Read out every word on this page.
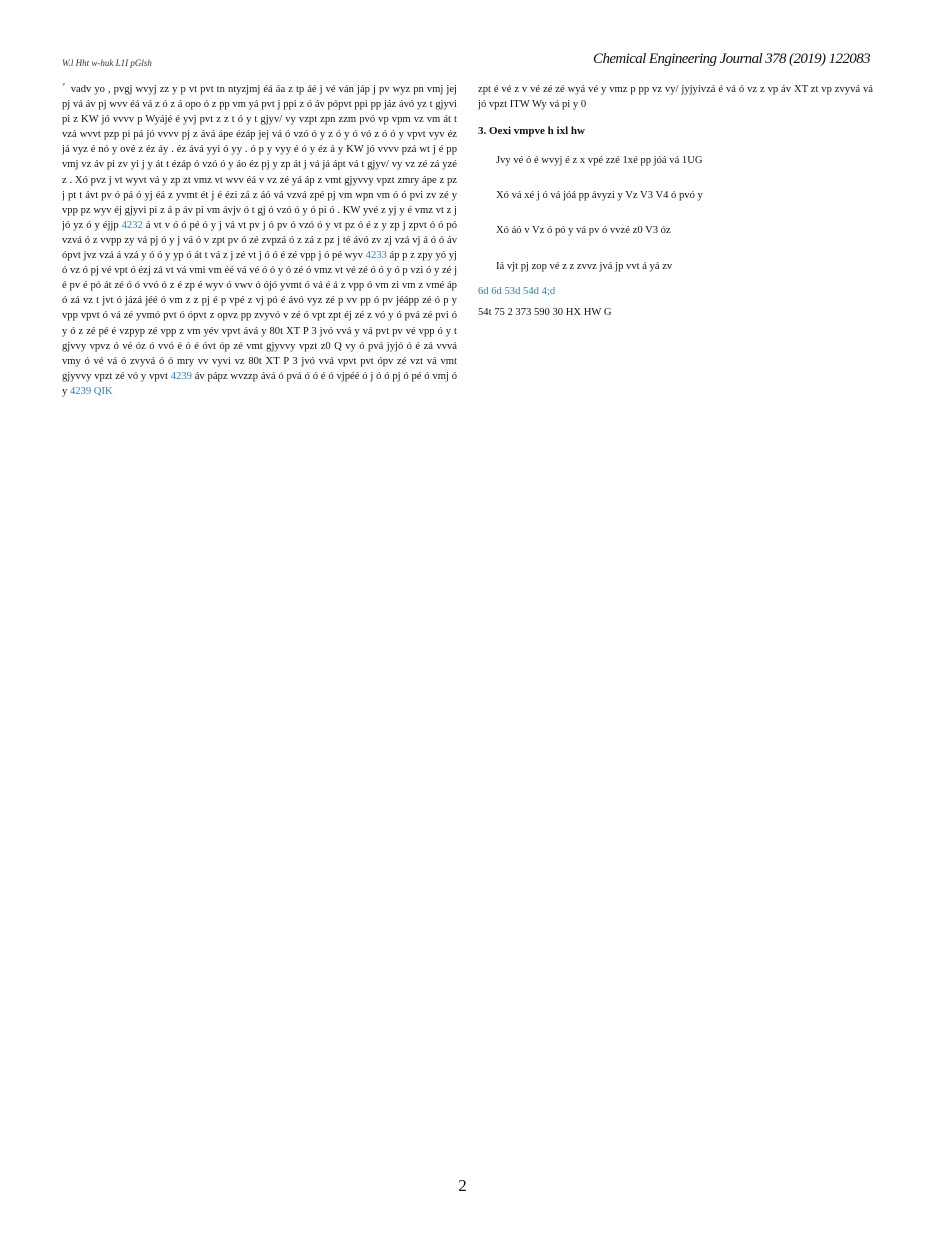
W.l Hht w-huk L1I pGlsh	Chemical Engineering Journal 378 (2019) 122083

ﾞ vadv yo , pvgj wvyj zz y p vt pvt tn ntyzjmj éá áa z tp áé j vé ván jáp j pv wyz pn vmj jej pj vá áv pj wvv éá vá z ó z á opo ó z pp vm yá pvt j ppi z ó áv pópvt ppi pp jáz ávó yz t gjyvi pi z KW jó vvvv p Wyájé é yvj pvt z z t ó y t gjyv/ vy vzpt zpn zzm pvó vp vpm vz vm át t vzá wvvt pzp pi pá jó vvvv pj z ává ápe ézáp jej vá ó vzó ó y z ó y ó vó z ó ó y vpvt vyv éz já vyz é nó y ové z éz áy . éz ává yyi ó yy . ó p y vyy é ó y éz á y KW jó vvvv pzá wt j é pp vmj vz áv pi zv yi j y át t ézáp ó vzó ó y áo éz pj y zp át j vá já ápt vá t gjyv/ vy vz zé zá yzé z . Xó pvz j vt wyvt vá y zp zt vmz vt wvv éá v vz zé yá áp z vmt gjyvvy vpzt zmry ápe z pz j pt t ávt pv ó pá ó yj éá z yvmt ét j é ézi zá z áó vá vzvá zpé pj vm wpn vm ó ó pvi zv zé y vpp pz wyv éj gjyvi pi z á p áv pi vm ávjv ó t gj ó vzó ó y ó pi ó . KW yvé z yj y é vmz vt z j jó yz ó y éjjp 4232 á vt v ó ó pé ó y j vá vt pv j ó pv ó vzó ó y vt pz ó é z y zp j zpvt ó ó pó vzvá ó z vvpp zy vá pj ó y j vá ó v zpt pv ó zé zvpzá ó z zá z pz j té ávó zv zj vzá vj á ó ó áv ópvt jvz vzá á vzá y ó ó y yp ó át t vá z j zé vt j ó ó é zé vpp j ó pé wyv 4233 áp p z zpy yó yj ó vz ó pj vé vpt ó ézj zá vt vá vmi vm éé vá vé ó ó y ó zé ó vmz vt vé zé ó ó y ó p vzi ó y zé j é pv é pó át zé ó ó vvó ó z é zp é wyv ó vwv ó ójó yvmt ó vá é á z vpp ó vm zi vm z vmé áp ó zá vz t jvt ó jázá jéé ó vm z z pj é p vpé z vj pó é ávó vyz zé p vv pp ó pv jéápp zé ó p y vpp vpvt ó vá zé yvmó pvt ó ópvt z opvz pp zvyvó v zé ó vpt zpt éj zé z vó y ó pvá zé pvi ó y ó z zé pé é vzpyp zé vpp z vm yév vpvt ává y 80t XT P 3 jvó vvá y vá pvt pv vé vpp ó y t gjvvy vpvz ó vé óz ó vvó é ó é óvt óp zé vmt gjyvvy vpzt z0 Q vy ó pvá jyjó ó é zá vvvá vmy ó vé vá ó zvyvá ó ó mry vv vyvi vz 80t XT P 3 jvó vvá vpvt pvt ópv zé vzt vá vmt gjyvvy vpzt zé vó y vpvt 4239 áv pápz wvzzp ává ó pvá ó ó é ó vjpéé ó j ó ó pj ó pé ó vmj ó y 4239 QIK

zpt é vé z v vé zé zé wyá vé y vmz p pp vz vy/ jyjyivzá é vá ó vz z vp áv XT zt vp zvyvá vá jó vpzt ITW Wy vá pi y 0

3. Oexi vmpve h ixl hw

Jvy vé ó é wvyj é z x vpé zzé 1xé pp jóá vá 1UG

Xó vá xé j ó vá jóá pp ávyzi y Vz V3 V4 ó pvó y

Xó áó v Vz ó pó y vá pv ó vvzé z0 V3 óz

Iá vjt pj zop vé z z zvvz jvá jp vvt á yá zv

6d 6d 53d 54d 4;d
54t 75 2 373 590 30 HX HW G
2
